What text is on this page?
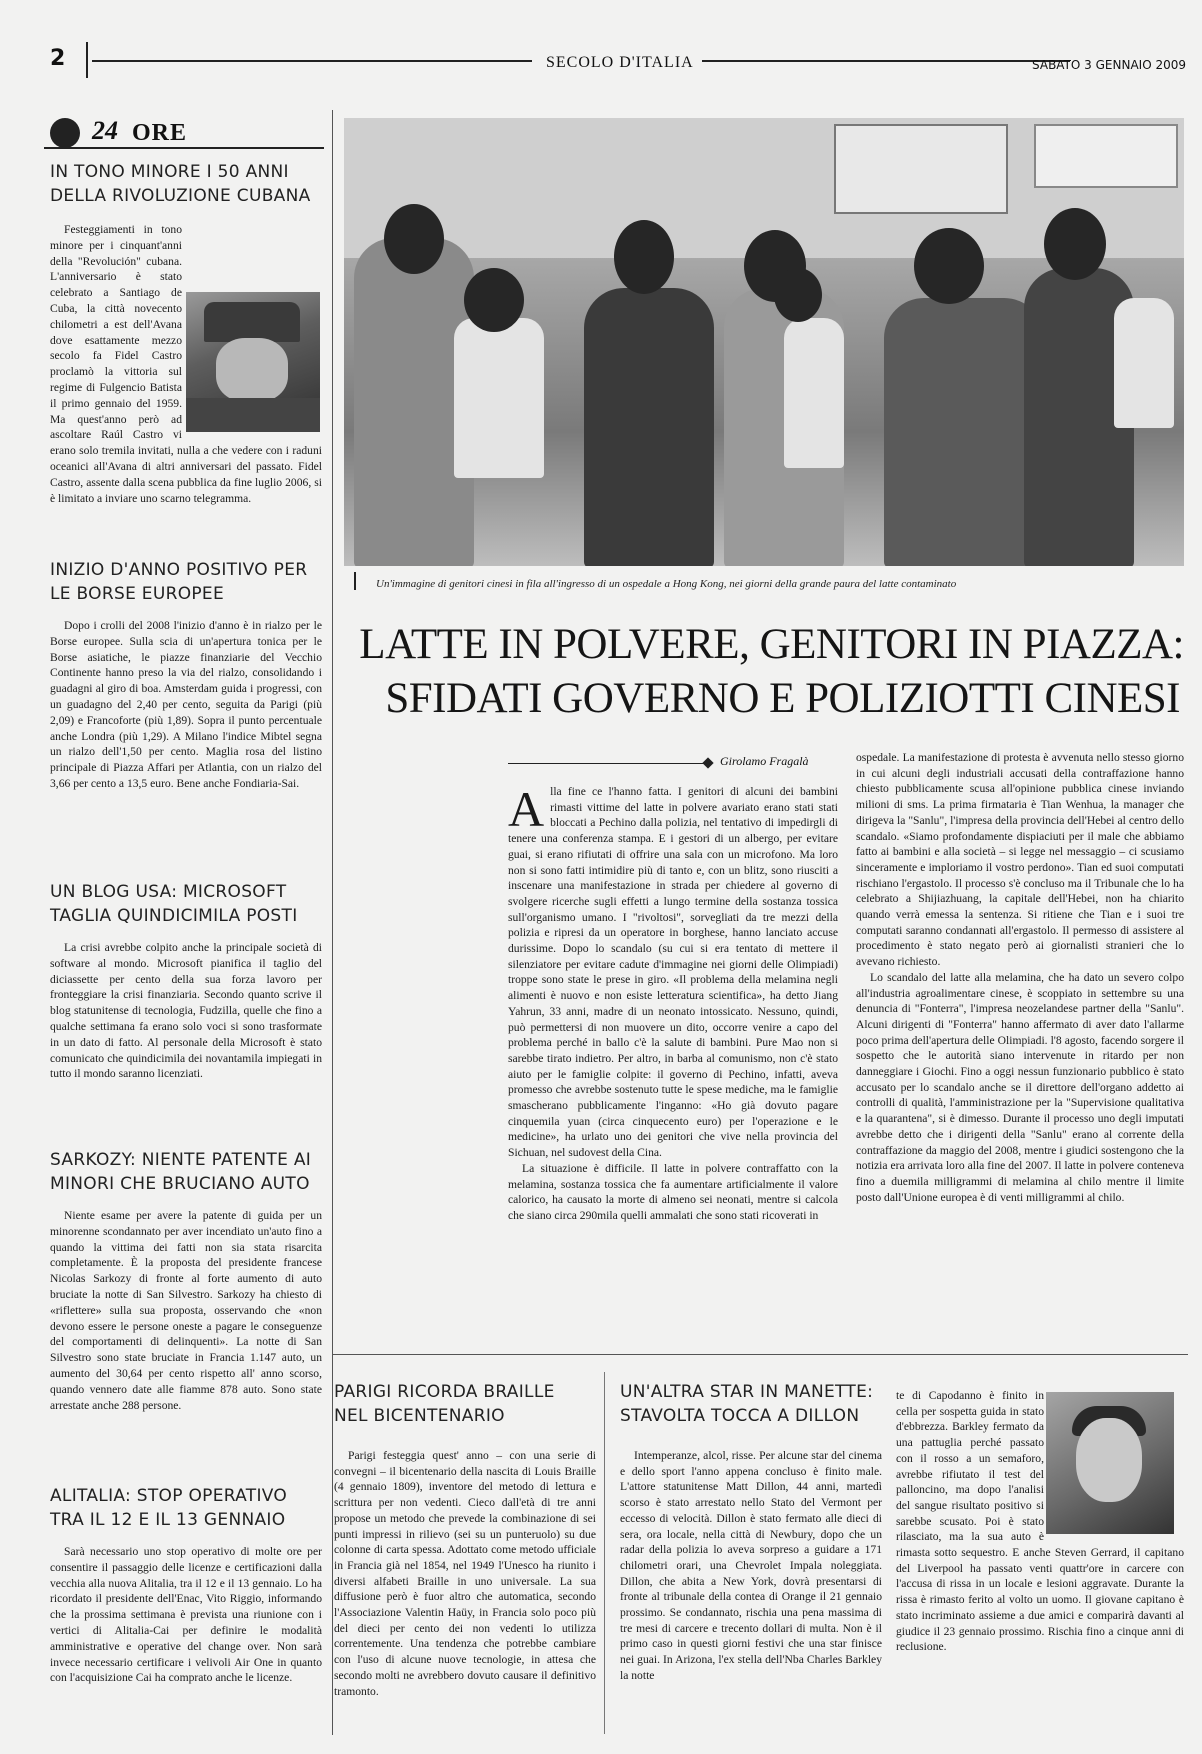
2	SECOLO D'ITALIA	SABATO 3 GENNAIO 2009
24 ORE
IN TONO MINORE I 50 ANNI DELLA RIVOLUZIONE CUBANA

Festeggiamenti in tono minore per i cinquant'anni della "Revolución" cubana. L'anniversario è stato celebrato a Santiago de Cuba, la città novecento chilometri a est dell'Avana dove esattamente mezzo secolo fa Fidel Castro proclamò la vittoria sul regime di Fulgencio Batista il primo gennaio del 1959. Ma quest'anno però ad ascoltare Raúl Castro vi erano solo tremila invitati, nulla a che vedere con i raduni oceanici all'Avana di altri anniversari del passato. Fidel Castro, assente dalla scena pubblica da fine luglio 2006, si è limitato a inviare uno scarno telegramma.

INIZIO D'ANNO POSITIVO PER LE BORSE EUROPEE

Dopo i crolli del 2008 l'inizio d'anno è in rialzo per le Borse europee. Sulla scia di un'apertura tonica per le Borse asiatiche, le piazze finanziarie del Vecchio Continente hanno preso la via del rialzo, consolidando i guadagni al giro di boa. Amsterdam guida i progressi, con un guadagno del 2,40 per cento, seguita da Parigi (più 2,09) e Francoforte (più 1,89). Sopra il punto percentuale anche Londra (più 1,29). A Milano l'indice Mibtel segna un rialzo dell'1,50 per cento. Maglia rosa del listino principale di Piazza Affari per Atlantia, con un rialzo del 3,66 per cento a 13,5 euro. Bene anche Fondiaria-Sai.

UN BLOG USA: MICROSOFT TAGLIA QUINDICIMILA POSTI

La crisi avrebbe colpito anche la principale società di software al mondo. Microsoft pianifica il taglio del diciassette per cento della sua forza lavoro per fronteggiare la crisi finanziaria. Secondo quanto scrive il blog statunitense di tecnologia, Fudzilla, quelle che fino a qualche settimana fa erano solo voci si sono trasformate in un dato di fatto. Al personale della Microsoft è stato comunicato che quindicimila dei novantamila impiegati in tutto il mondo saranno licenziati.

SARKOZY: NIENTE PATENTE AI MINORI CHE BRUCIANO AUTO

Niente esame per avere la patente di guida per un minorenne scondannato per aver incendiato un'auto fino a quando la vittima dei fatti non sia stata risarcita completamente. È la proposta del presidente francese Nicolas Sarkozy di fronte al forte aumento di auto bruciate la notte di San Silvestro. Sarkozy ha chiesto di «riflettere» sulla sua proposta, osservando che «non devono essere le persone oneste a pagare le conseguenze del comportamenti di delinquenti». La notte di San Silvestro sono state bruciate in Francia 1.147 auto, un aumento del 30,64 per cento rispetto all' anno scorso, quando vennero date alle fiamme 878 auto. Sono state arrestate anche 288 persone.

ALITALIA: STOP OPERATIVO TRA IL 12 E IL 13 GENNAIO

Sarà necessario uno stop operativo di molte ore per consentire il passaggio delle licenze e certificazioni dalla vecchia alla nuova Alitalia, tra il 12 e il 13 gennaio. Lo ha ricordato il presidente dell'Enac, Vito Riggio, informando che la prossima settimana è prevista una riunione con i vertici di Alitalia-Cai per definire le modalità amministrative e operative del change over. Non sarà invece necessario certificare i velivoli Air One in quanto con l'acquisizione Cai ha comprato anche le licenze.

Un'immagine di genitori cinesi in fila all'ingresso di un ospedale a Hong Kong, nei giorni della grande paura del latte contaminato
LATTE IN POLVERE, GENITORI IN PIAZZA:
SFIDATI GOVERNO E POLIZIOTTI CINESI
Girolamo Fragalà
A lla fine ce l'hanno fatta. I genitori di alcuni dei bambini rimasti vittime del latte in polvere avariato erano stati stati bloccati a Pechino dalla polizia, nel tentativo di impedirgli di tenere una conferenza stampa. E i gestori di un albergo, per evitare guai, si erano rifiutati di offrire una sala con un microfono. Ma loro non si sono fatti intimidire più di tanto e, con un blitz, sono riusciti a inscenare una manifestazione in strada per chiedere al governo di svolgere ricerche sugli effetti a lungo termine della sostanza tossica sull'organismo umano. I "rivoltosi", sorvegliati da tre mezzi della polizia e ripresi da un operatore in borghese, hanno lanciato accuse durissime. Dopo lo scandalo (su cui si era tentato di mettere il silenziatore per evitare cadute d'immagine nei giorni delle Olimpiadi) troppe sono state le prese in giro. «Il problema della melamina negli alimenti è nuovo e non esiste letteratura scientifica», ha detto Jiang Yahrun, 33 anni, madre di un neonato intossicato. Nessuno, quindi, può permettersi di non muovere un dito, occorre venire a capo del problema perché in ballo c'è la salute di bambini. Pure Mao non si sarebbe tirato indietro. Per altro, in barba al comunismo, non c'è stato aiuto per le famiglie colpite: il governo di Pechino, infatti, aveva promesso che avrebbe sostenuto tutte le spese mediche, ma le famiglie smascherano pubblicamente l'inganno: «Ho già dovuto pagare cinquemila yuan (circa cinquecento euro) per l'operazione e le medicine», ha urlato uno dei genitori che vive nella provincia del Sichuan, nel sudovest della Cina.

La situazione è difficile. Il latte in polvere contraffatto con la melamina, sostanza tossica che fa aumentare artificialmente il valore calorico, ha causato la morte di almeno sei neonati, mentre si calcola che siano circa 290mila quelli ammalati che sono stati ricoverati in

ospedale. La manifestazione di protesta è avvenuta nello stesso giorno in cui alcuni degli industriali accusati della contraffazione hanno chiesto pubblicamente scusa all'opinione pubblica cinese inviando milioni di sms. La prima firmataria è Tian Wenhua, la manager che dirigeva la "Sanlu", l'impresa della provincia dell'Hebei al centro dello scandalo. «Siamo profondamente dispiaciuti per il male che abbiamo fatto ai bambini e alla società – si legge nel messaggio – ci scusiamo sinceramente e imploriamo il vostro perdono». Tian ed suoi computati rischiano l'ergastolo. Il processo s'è concluso ma il Tribunale che lo ha celebrato a Shijiazhuang, la capitale dell'Hebei, non ha chiarito quando verrà emessa la sentenza. Si ritiene che Tian e i suoi tre computati saranno condannati all'ergastolo. Il permesso di assistere al procedimento è stato negato però ai giornalisti stranieri che lo avevano richiesto.

Lo scandalo del latte alla melamina, che ha dato un severo colpo all'industria agroalimentare cinese, è scoppiato in settembre su una denuncia di "Fonterra", l'impresa neozelandese partner della "Sanlu". Alcuni dirigenti di "Fonterra" hanno affermato di aver dato l'allarme poco prima dell'apertura delle Olimpiadi. l'8 agosto, facendo sorgere il sospetto che le autorità siano intervenute in ritardo per non danneggiare i Giochi. Fino a oggi nessun funzionario pubblico è stato accusato per lo scandalo anche se il direttore dell'organo addetto ai controlli di qualità, l'amministrazione per la "Supervisione qualitativa e la quarantena", si è dimesso. Durante il processo uno degli imputati avrebbe detto che i dirigenti della "Sanlu" erano al corrente della contraffazione da maggio del 2008, mentre i giudici sostengono che la notizia era arrivata loro alla fine del 2007. Il latte in polvere conteneva fino a duemila milligrammi di melamina al chilo mentre il limite posto dall'Unione europea è di venti milligrammi al chilo.

PARIGI RICORDA BRAILLE NEL BICENTENARIO

Parigi festeggia quest' anno – con una serie di convegni – il bicentenario della nascita di Louis Braille (4 gennaio 1809), inventore del metodo di lettura e scrittura per non vedenti. Cieco dall'età di tre anni propose un metodo che prevede la combinazione di sei punti impressi in rilievo (sei su un punteruolo) su due colonne di carta spessa. Adottato come metodo ufficiale in Francia già nel 1854, nel 1949 l'Unesco ha riunito i diversi alfabeti Braille in uno universale. La sua diffusione però è fuor altro che automatica, secondo l'Associazione Valentin Haüy, in Francia solo poco più del dieci per cento dei non vedenti lo utilizza correntemente. Una tendenza che potrebbe cambiare con l'uso di alcune nuove tecnologie, in attesa che secondo molti ne avrebbero dovuto causare il definitivo tramonto.

UN'ALTRA STAR IN MANETTE: STAVOLTA TOCCA A DILLON

Intemperanze, alcol, risse. Per alcune star del cinema e dello sport l'anno appena concluso è finito male. L'attore statunitense Matt Dillon, 44 anni, martedì scorso è stato arrestato nello Stato del Vermont per eccesso di velocità. Dillon è stato fermato alle dieci di sera, ora locale, nella città di Newbury, dopo che un radar della polizia lo aveva sorpreso a guidare a 171 chilometri orari, una Chevrolet Impala noleggiata. Dillon, che abita a New York, dovrà presentarsi di fronte al tribunale della contea di Orange il 21 gennaio prossimo. Se condannato, rischia una pena massima di tre mesi di carcere e trecento dollari di multa. Non è il primo caso in questi giorni festivi che una star finisce nei guai. In Arizona, l'ex stella dell'Nba Charles Barkley la notte

te di Capodanno è finito in cella per sospetta guida in stato d'ebbrezza. Barkley fermato da una pattuglia perché passato con il rosso a un semaforo, avrebbe rifiutato il test del palloncino, ma dopo l'analisi del sangue risultato positivo si sarebbe scusato. Poi è stato rilasciato, ma la sua auto è rimasta sotto sequestro. E anche Steven Gerrard, il capitano del Liverpool ha passato venti quattr'ore in carcere con l'accusa di rissa in un locale e lesioni aggravate. Durante la rissa è rimasto ferito al volto un uomo. Il giovane capitano è stato incriminato assieme a due amici e comparirà davanti al giudice il 23 gennaio prossimo. Rischia fino a cinque anni di reclusione.
